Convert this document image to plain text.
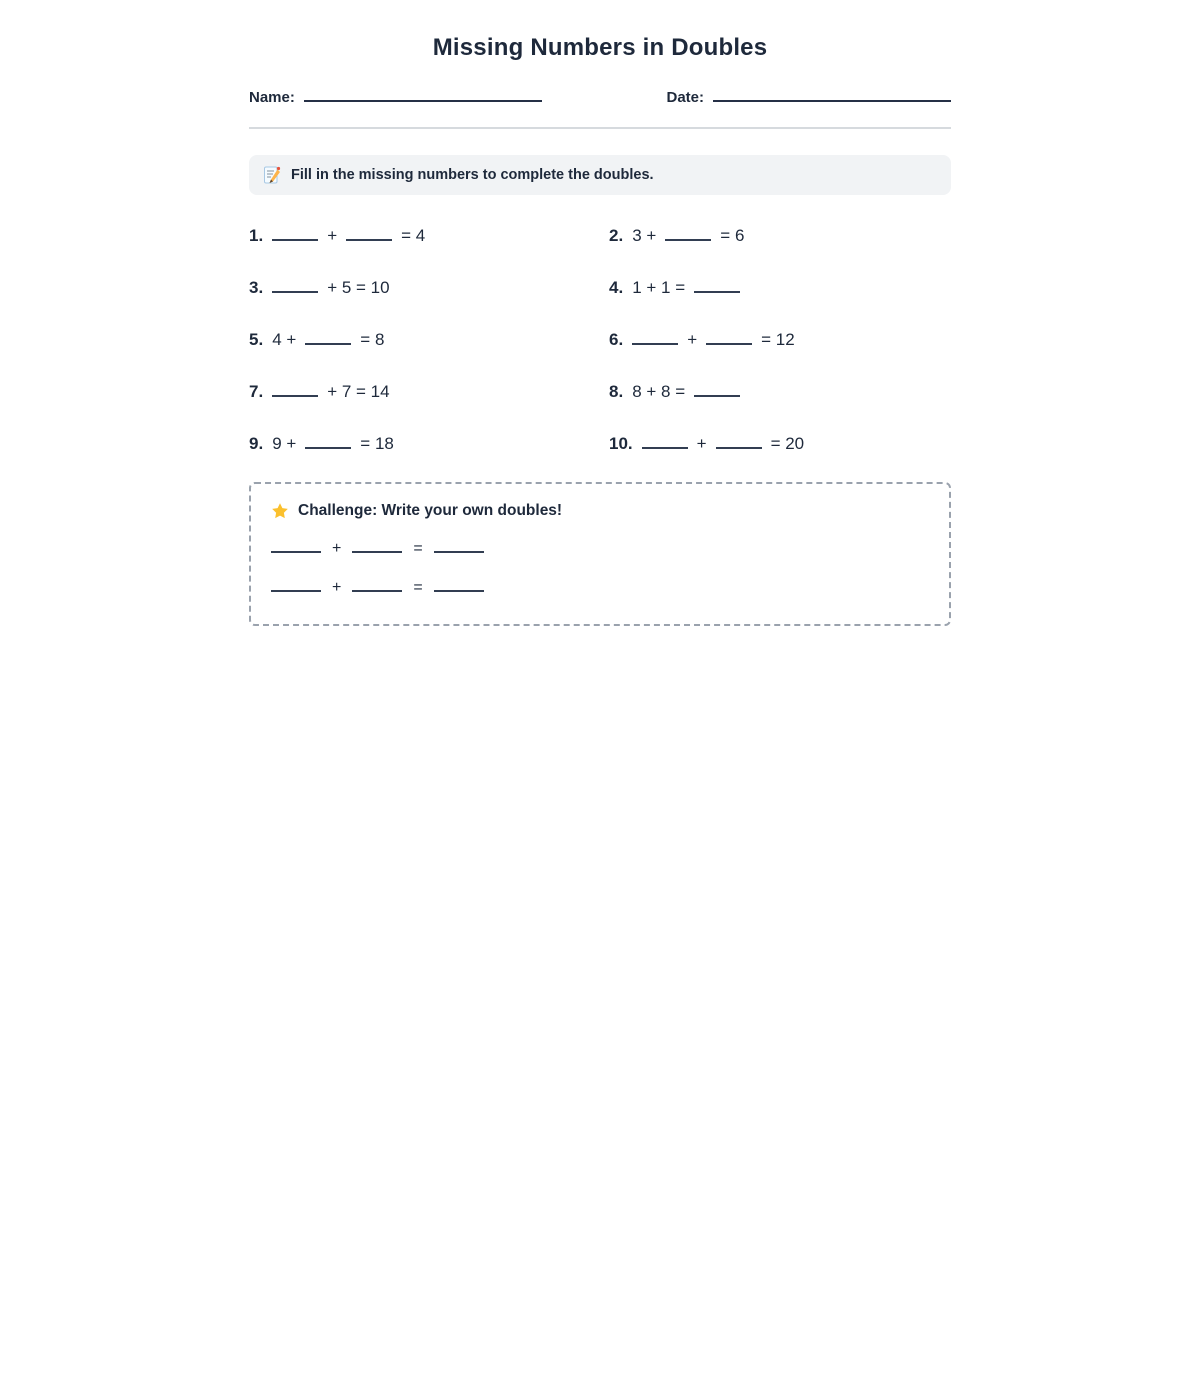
Missing Numbers in Doubles
Name:	Date:
Fill in the missing numbers to complete the doubles.
1.	+	= 4	2. 3 +	= 6
3.	+ 5 = 10	4. 1 + 1 =
5. 4 +	= 8	6.	+	= 12
7.	+ 7 = 14	8. 8 + 8 =
9. 9 +	= 18	10.	+	= 20
Challenge: Write your own doubles!
+	=
+	=
